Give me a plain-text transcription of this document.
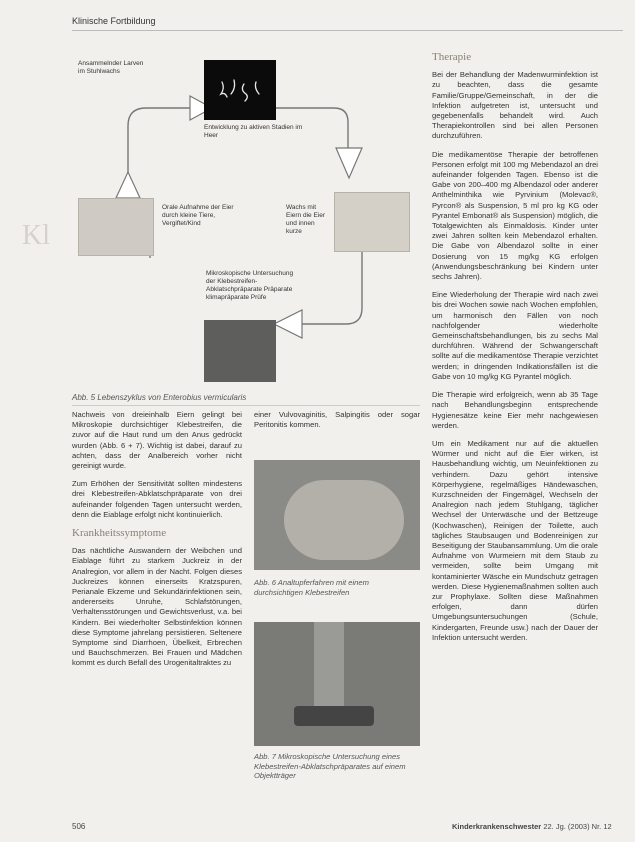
Klinische Fortbildung
Kl
Ansammelnder Larven im Stuhlwachs
Entwicklung zu aktiven Stadien im Heer
Orale Aufnahme der Eier durch kleine Tiere, Vergiftet/Kind
Wachs mit Eiern die Eier und innen kurze
Mikroskopische Untersuchung der Klebestreifen-Abklatschpräparate Präparate klimapräparate Prüfe
Abb. 5 Lebenszyklus von Enterobius vermicularis

Nachweis von dreieinhalb Eiern gelingt bei Mikroskopie durchsichtiger Klebestreifen, die zuvor auf die Haut rund um den Anus gedrückt wurden (Abb. 6 + 7). Wichtig ist dabei, darauf zu achten, dass der Analbereich vorher nicht gereinigt wurde.

Zum Erhöhen der Sensitivität sollten mindestens drei Klebestreifen-Abklatschpräparate von drei aufeinander folgenden Tagen untersucht werden, denn die Eiablage erfolgt nicht kontinuierlich.

Krankheitssymptome

Das nächtliche Auswandern der Weibchen und Eiablage führt zu starkem Juckreiz in der Analregion, vor allem in der Nacht. Folgen dieses Juckreizes können einerseits Kratzspuren, Perianale Ekzeme und Sekundärinfektionen sein, andererseits Unruhe, Schlafstörungen, Verhaltensstörungen und Gewichtsverlust, v.a. bei Kindern. Bei wiederholter Selbstinfektion können diese Symptome jahrelang persistieren. Seltenere Symptome sind Diarrhoen, Übelkeit, Erbrechen und Bauchschmerzen. Bei Frauen und Mädchen kommt es durch Befall des Urogenitaltraktes zu

einer Vulvovaginitis, Salpingitis oder sogar Peritonitis kommen.

Abb. 6 Analtupferfahren mit einem durchsichtigen Klebestreifen
Abb. 7 Mikroskopische Untersuchung eines Klebestreifen-Abklatschpräparates auf einem Objektträger
Therapie

Bei der Behandlung der Madenwurminfektion ist zu beachten, dass die gesamte Familie/Gruppe/Gemeinschaft, in der die Infektion aufgetreten ist, untersucht und gegebenenfalls behandelt wird. Auch Therapiekontrollen sind bei allen Personen durchzuführen.

Die medikamentöse Therapie der betroffenen Personen erfolgt mit 100 mg Mebendazol an drei aufeinander folgenden Tagen. Ebenso ist die Gabe von 200–400 mg Albendazol oder anderer Anthelminthika wie Pyrvinium (Molevac®, Pyrcon® als Suspension, 5 ml pro kg KG oder Pyrantel Embonat® als Suspension) möglich, die Totalgewichten als Einmaldosis. Kinder unter zwei Jahren sollten kein Mebendazol erhalten. Die Gabe von Albendazol sollte in einer Dosierung von 15 mg/kg KG erfolgen (Anwendungsbeschränkung bei Kindern unter sechs Jahren).

Eine Wiederholung der Therapie wird nach zwei bis drei Wochen sowie nach Wochen empfohlen, um harmonisch den Fällen von noch nachfolgender wiederholte Gemeinschaftsbehandlungen, bis zu sechs Mal durchführen. Während der Schwangerschaft sollte auf die medikamentöse Therapie verzichtet werden; in dringenden Indikationsfällen ist die Gabe von 10 mg/kg KG Pyrantel möglich.

Die Therapie wird erfolgreich, wenn ab 35 Tage nach Behandlungsbeginn entsprechende Hygienesätze keine Eier mehr nachgewiesen werden.

Um ein Medikament nur auf die aktuellen Würmer und nicht auf die Eier wirken, ist Hausbehandlung wichtig, um Neuinfektionen zu verhindern. Dazu gehört intensive Körperhygiene, regelmäßiges Händewaschen, Kurzschneiden der Fingernägel, Wechseln der Analregion nach jedem Stuhlgang, täglicher Wechsel der Unterwäsche und der Bettzeuge (Kochwaschen), Reinigen der Toilette, auch tägliches Staubsaugen und Bodenreinigen zur Beseitigung der Staubansammlung. Um die orale Aufnahme von Wurmeiern mit dem Staub zu vermeiden, sollte beim Umgang mit kontaminierter Wäsche ein Mundschutz getragen werden. Diese Hygienemaßnahmen sollten auch zur Prophylaxe. Sollten diese Maßnahmen erfolgen, dann dürfen Umgebungsuntersuchungen (Schule, Kindergarten, Freunde usw.) nach der Dauer der Infektion untersucht werden.

506	Kinderkrankenschwester 22. Jg. (2003) Nr. 12
